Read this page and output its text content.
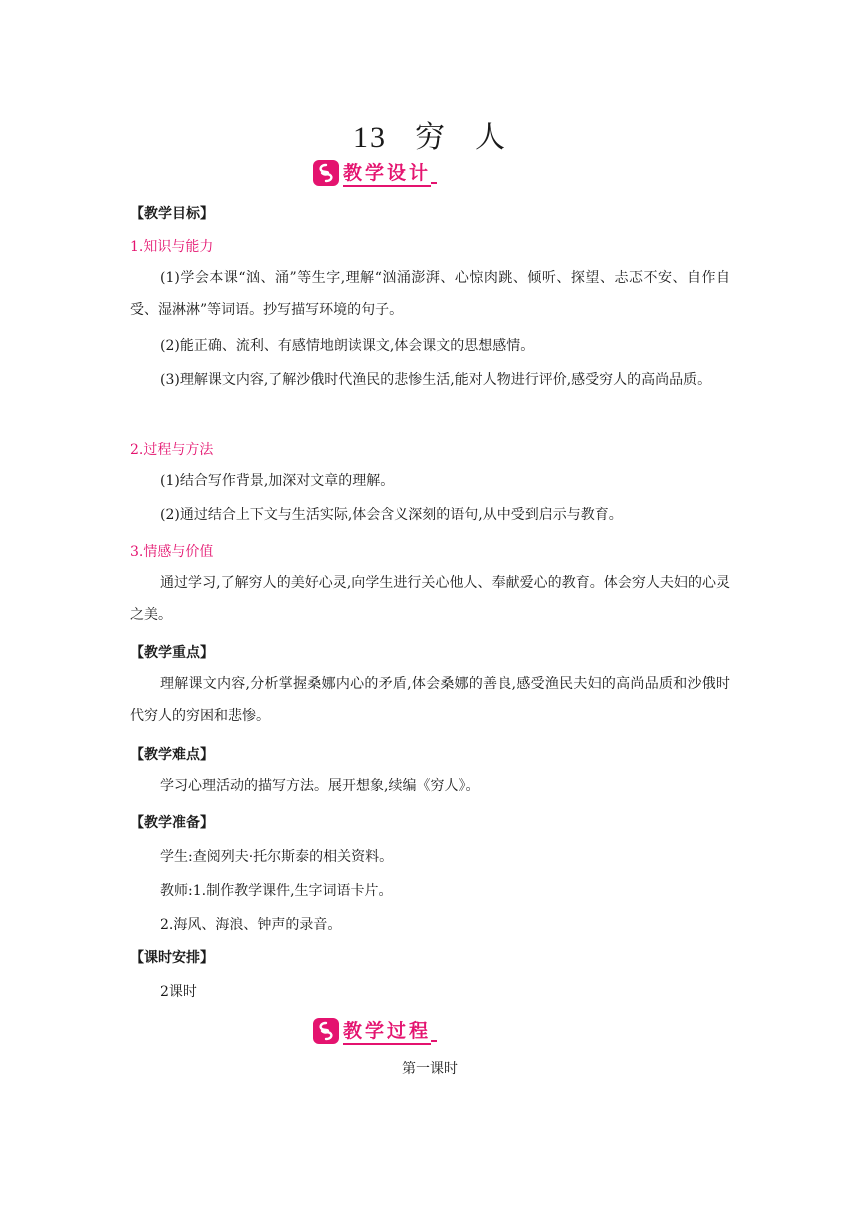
13 穷 人
教学设计
【教学目标】
1.知识与能力
(1)学会本课“汹、涌”等生字,理解“汹涌澎湃、心惊肉跳、倾听、探望、忐忑不安、自作自受、湿淋淋”等词语。抄写描写环境的句子。
(2)能正确、流利、有感情地朗读课文,体会课文的思想感情。
(3)理解课文内容,了解沙俄时代渔民的悲惨生活,能对人物进行评价,感受穷人的高尚品质。
2.过程与方法
(1)结合写作背景,加深对文章的理解。
(2)通过结合上下文与生活实际,体会含义深刻的语句,从中受到启示与教育。
3.情感与价值
通过学习,了解穷人的美好心灵,向学生进行关心他人、奉献爱心的教育。体会穷人夫妇的心灵之美。
【教学重点】
理解课文内容,分析掌握桑娜内心的矛盾,体会桑娜的善良,感受渔民夫妇的高尚品质和沙俄时代穷人的穷困和悲惨。
【教学难点】
学习心理活动的描写方法。展开想象,续编《穷人》。
【教学准备】
学生:查阅列夫·托尔斯泰的相关资料。
教师:1.制作教学课件,生字词语卡片。
2.海风、海浪、钟声的录音。
【课时安排】
2课时
教学过程
第一课时
